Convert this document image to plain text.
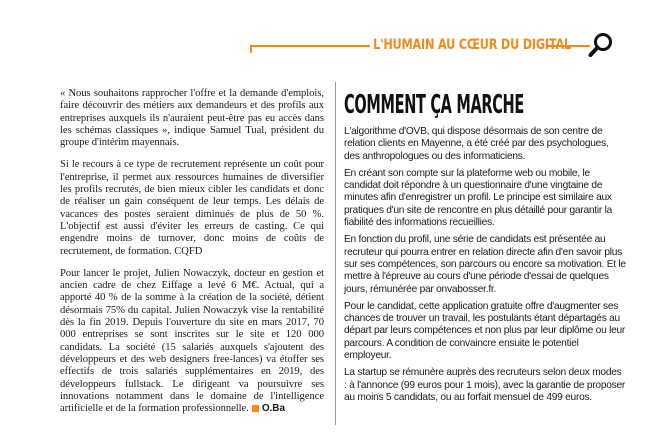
L'HUMAIN AU CŒUR DU DIGITAL

« Nous souhaitons rapprocher l'offre et la demande d'emplois, faire découvrir des métiers aux demandeurs et des profils aux entreprises auxquels ils n'auraient peut-être pas eu accès dans les schémas classiques », indique Samuel Tual, président du groupe d'intérim mayennais.

Si le recours à ce type de recrutement représente un coût pour l'entreprise, il permet aux ressources humaines de diversifier les profils recrutés, de bien mieux cibler les candidats et donc de réaliser un gain conséquent de leur temps. Les délais de vacances des postes seraient diminués de plus de 50 %. L'objectif est aussi d'éviter les erreurs de casting. Ce qui engendre moins de turnover, donc moins de coûts de recrutement, de formation. CQFD

Pour lancer le projet, Julien Nowaczyk, docteur en gestion et ancien cadre de chez Eiffage a levé 6 M€. Actual, qui a apporté 40 % de la somme à la création de la société, détient désormais 75% du capital. Julien Nowaczyk vise la rentabilité dès la fin 2019. Depuis l'ouverture du site en mars 2017, 70 000 entreprises se sont inscrites sur le site et 120 000 candidats. La société (15 salariés auxquels s'ajoutent des développeurs et des web designers free-lances) va étoffer ses effectifs de trois salariés supplémentaires en 2019, des développeurs fullstack. Le dirigeant va poursuivre ses innovations notamment dans le domaine de l'intelligence artificielle et de la formation professionnelle. O.Ba

COMMENT ÇA MARCHE

L'algorithme d'OVB, qui dispose désormais de son centre de relation clients en Mayenne, a été créé par des psychologues, des anthropologues ou des informaticiens.

En créant son compte sur la plateforme web ou mobile, le candidat doit répondre à un questionnaire d'une vingtaine de minutes afin d'enregistrer un profil. Le principe est similaire aux pratiques d'un site de rencontre en plus détaillé pour garantir la fiabilité des informations recueillies.

En fonction du profil, une série de candidats est présentée au recruteur qui pourra entrer en relation directe afin d'en savoir plus sur ses compétences, son parcours ou encore sa motivation. Et le mettre à l'épreuve au cours d'une période d'essai de quelques jours, rémunérée par onvabosser.fr.

Pour le candidat, cette application gratuite offre d'augmenter ses chances de trouver un travail, les postulants étant départagés au départ par leurs compétences et non plus par leur diplôme ou leur parcours. A condition de convaincre ensuite le potentiel employeur.

La startup se rémunère auprès des recruteurs selon deux modes : à l'annonce (99 euros pour 1 mois), avec la garantie de proposer au moins 5 candidats, ou au forfait mensuel de 499 euros.
